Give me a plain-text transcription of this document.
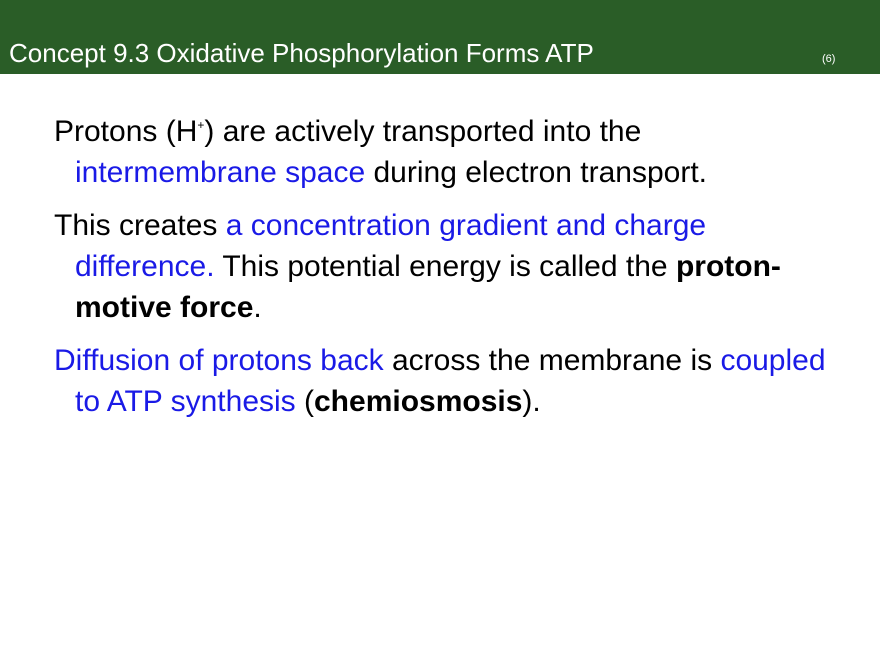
Concept 9.3 Oxidative Phosphorylation Forms ATP	(6)

Protons (H+) are actively transported into the intermembrane space during electron transport.

This creates a concentration gradient and charge difference. This potential energy is called the proton-motive force.

Diffusion of protons back across the membrane is coupled to ATP synthesis (chemiosmosis).
